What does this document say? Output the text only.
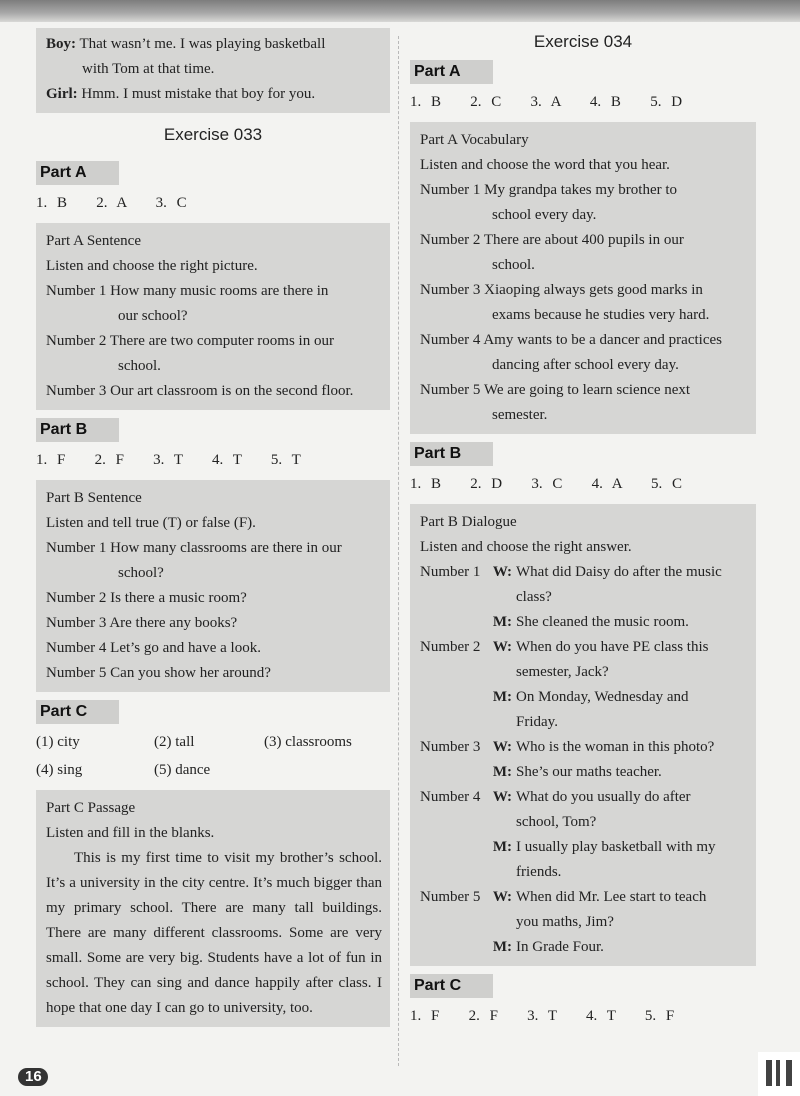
Boy: That wasn’t me. I was playing basketball
with Tom at that time.
Girl: Hmm. I must mistake that boy for you.
Exercise 033
Part A
1. B   2. A   3. C
Part A Sentence
Listen and choose the right picture.
Number 1 How many music rooms are there in
our school?
Number 2 There are two computer rooms in our
school.
Number 3 Our art classroom is on the second floor.
Part B
1. F   2. F   3. T   4. T   5. T
Part B Sentence
Listen and tell true (T) or false (F).
Number 1 How many classrooms are there in our
school?
Number 2 Is there a music room?
Number 3 Are there any books?
Number 4 Let’s go and have a look.
Number 5 Can you show her around?
Part C
(1) city	(2) tall	(3) classrooms
(4) sing	(5) dance
Part C Passage
Listen and fill in the blanks.
This is my first time to visit my brother’s school. It’s a university in the city centre. It’s much bigger than my primary school. There are many tall buildings. There are many different classrooms. Some are very small. Some are very big. Students have a lot of fun in school. They can sing and dance happily after class. I hope that one day I can go to university, too.
Exercise 034
Part A
1. B   2. C   3. A   4. B   5. D
Part A Vocabulary
Listen and choose the word that you hear.
Number 1 My grandpa takes my brother to
school every day.
Number 2 There are about 400 pupils in our
school.
Number 3 Xiaoping always gets good marks in
exams because he studies very hard.
Number 4 Amy wants to be a dancer and practices
dancing after school every day.
Number 5 We are going to learn science next
semester.
Part B
1. B   2. D   3. C   4. A   5. C
Part B Dialogue
Listen and choose the right answer.
Number 1 W: What did Daisy do after the music
class?
M: She cleaned the music room.
Number 2 W: When do you have PE class this
semester, Jack?
M: On Monday, Wednesday and
Friday.
Number 3 W: Who is the woman in this photo?
M: She’s our maths teacher.
Number 4 W: What do you usually do after
school, Tom?
M: I usually play basketball with my
friends.
Number 5 W: When did Mr. Lee start to teach
you maths, Jim?
M: In Grade Four.
Part C
1. F   2. F   3. T   4. T   5. F
16
